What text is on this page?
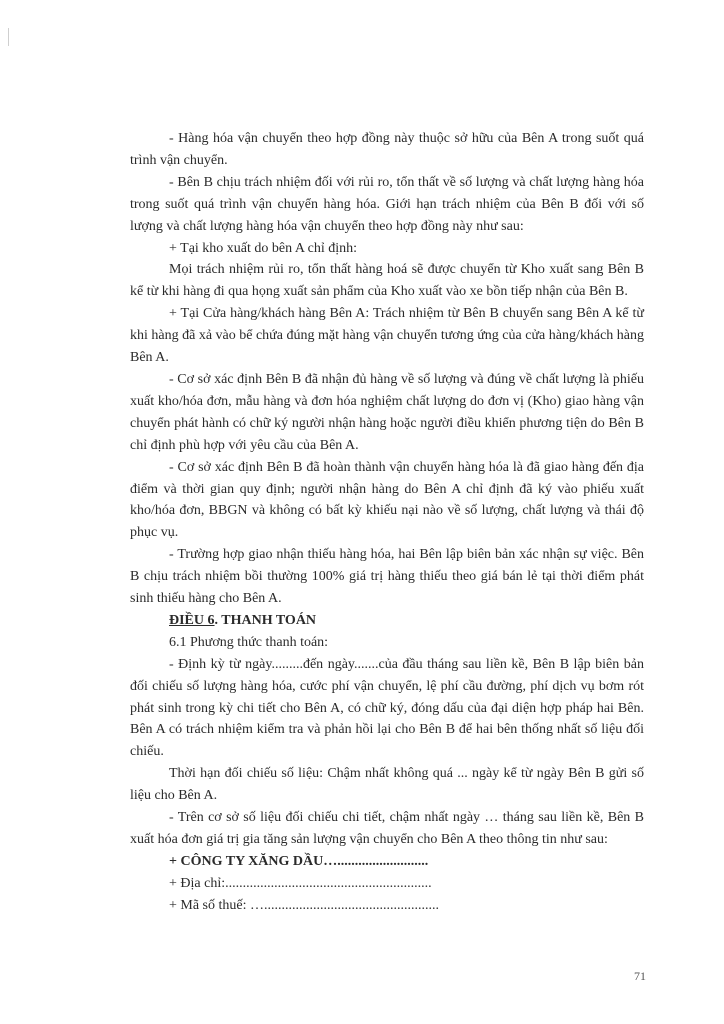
- Hàng hóa vận chuyển theo hợp đồng này thuộc sở hữu của Bên A trong suốt quá trình vận chuyển.

- Bên B chịu trách nhiệm đối với rủi ro, tổn thất về số lượng và chất lượng hàng hóa trong suốt quá trình vận chuyển hàng hóa. Giới hạn trách nhiệm của Bên B đối với số lượng và chất lượng hàng hóa vận chuyển theo hợp đồng này như sau:

+ Tại kho xuất do bên A chỉ định:

Mọi trách nhiệm rủi ro, tổn thất hàng hoá sẽ được chuyển từ Kho xuất sang Bên B kể từ khi hàng đi qua họng xuất sản phẩm của Kho xuất vào xe bồn tiếp nhận của Bên B.

+ Tại Cửa hàng/khách hàng Bên A: Trách nhiệm từ Bên B chuyển sang Bên A kể từ khi hàng đã xả vào bể chứa đúng mặt hàng vận chuyển tương ứng của cửa hàng/khách hàng Bên A.

- Cơ sở xác định Bên B đã nhận đủ hàng về số lượng và đúng về chất lượng là phiếu xuất kho/hóa đơn, mẫu hàng và đơn hóa nghiệm chất lượng do đơn vị (Kho) giao hàng vận chuyển phát hành có chữ ký người nhận hàng hoặc người điều khiển phương tiện do Bên B chỉ định phù hợp với yêu cầu của Bên A.

- Cơ sở xác định Bên B đã hoàn thành vận chuyển hàng hóa là đã giao hàng đến địa điểm và thời gian quy định; người nhận hàng do Bên A chỉ định đã ký vào phiếu xuất kho/hóa đơn, BBGN và không có bất kỳ khiếu nại nào về số lượng, chất lượng và thái độ phục vụ.

- Trường hợp giao nhận thiếu hàng hóa, hai Bên lập biên bản xác nhận sự việc. Bên B chịu trách nhiệm bồi thường 100% giá trị hàng thiếu theo giá bán lẻ tại thời điểm phát sinh thiếu hàng cho Bên A.

ĐIỀU 6. THANH TOÁN

6.1 Phương thức thanh toán:

- Định kỳ từ ngày.........đến ngày.......của đầu tháng sau liền kề, Bên B lập biên bản đối chiếu số lượng hàng hóa, cước phí vận chuyển, lệ phí cầu đường, phí dịch vụ bơm rót phát sinh trong kỳ chi tiết cho Bên A, có chữ ký, đóng dấu của đại diện hợp pháp hai Bên. Bên A có trách nhiệm kiểm tra và phản hồi lại cho Bên B để hai bên thống nhất số liệu đối chiếu.

Thời hạn đối chiếu số liệu: Chậm nhất không quá ... ngày kể từ ngày Bên B gửi số liệu cho Bên A.

- Trên cơ sở số liệu đối chiếu chi tiết, chậm nhất ngày … tháng sau liền kề, Bên B xuất hóa đơn giá trị gia tăng sản lượng vận chuyển cho Bên A theo thông tin như sau:

+ CÔNG TY XĂNG DẦU…..........................

+ Địa chỉ:...........................................................

+ Mã số thuế: …..................................................

71
